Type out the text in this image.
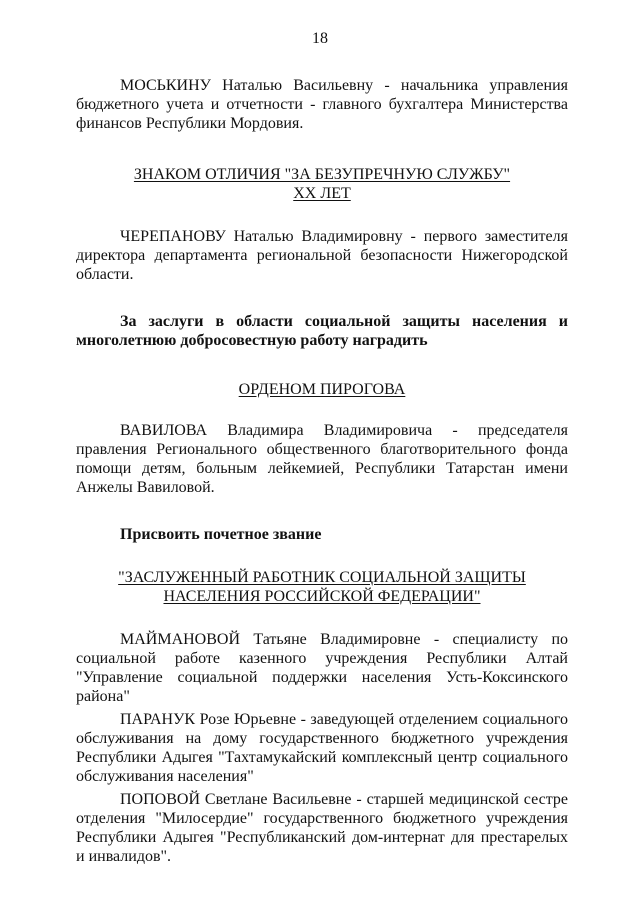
18

МОСЬКИНУ Наталью Васильевну - начальника управления бюджетного учета и отчетности - главного бухгалтера Министерства финансов Республики Мордовия.

ЗНАКОМ ОТЛИЧИЯ "ЗА БЕЗУПРЕЧНУЮ СЛУЖБУ"

XX ЛЕТ

ЧЕРЕПАНОВУ Наталью Владимировну - первого заместителя директора департамента региональной безопасности Нижегородской области.

За заслуги в области социальной защиты населения и многолетнюю добросовестную работу наградить

ОРДЕНОМ ПИРОГОВА

ВАВИЛОВА Владимира Владимировича - председателя правления Регионального общественного благотворительного фонда помощи детям, больным лейкемией, Республики Татарстан имени Анжелы Вавиловой.

Присвоить почетное звание

"ЗАСЛУЖЕННЫЙ РАБОТНИК СОЦИАЛЬНОЙ ЗАЩИТЫ

НАСЕЛЕНИЯ РОССИЙСКОЙ ФЕДЕРАЦИИ"

МАЙМАНОВОЙ Татьяне Владимировне - специалисту по социальной работе казенного учреждения Республики Алтай "Управление социальной поддержки населения Усть-Коксинского района"

ПАРАНУК Розе Юрьевне - заведующей отделением социального обслуживания на дому государственного бюджетного учреждения Республики Адыгея "Тахтамукайский комплексный центр социального обслуживания населения"

ПОПОВОЙ Светлане Васильевне - старшей медицинской сестре отделения "Милосердие" государственного бюджетного учреждения Республики Адыгея "Республиканский дом-интернат для престарелых и инвалидов".
